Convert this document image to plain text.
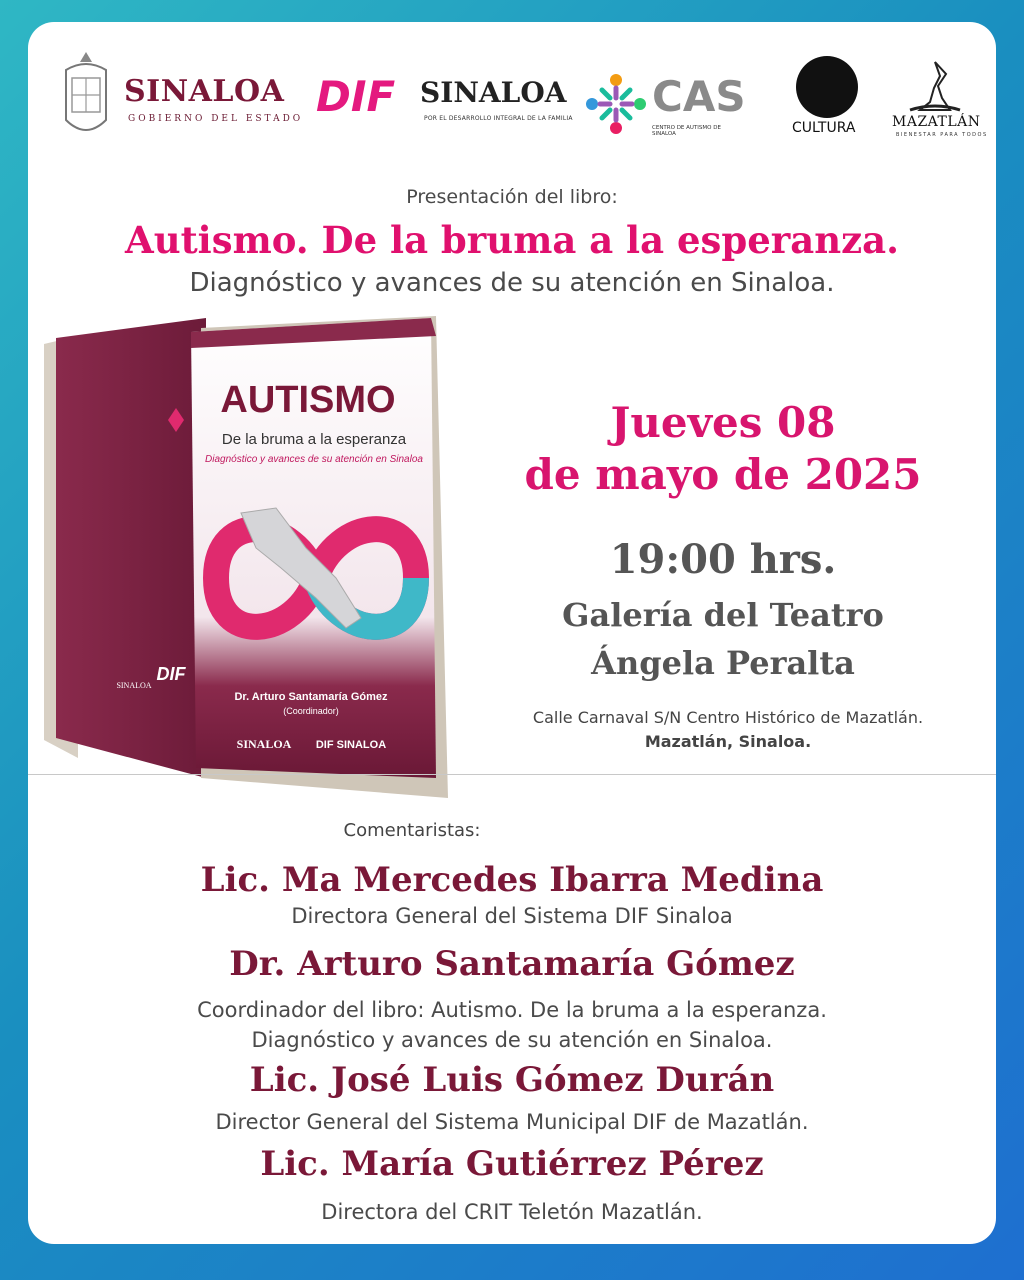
SINALOA
GOBIERNO DEL ESTADO DIF SINALOA
POR EL DESARROLLO INTEGRAL DE LA FAMILIA CAS
CENTRO DE AUTISMO DE SINALOA	CULTURA	MAZATLÁN
BIENESTAR PARA TODOS
Presentación del libro:
Autismo. De la bruma a la esperanza.
Diagnóstico y avances de su atención en Sinaloa.
AUTISMO
De la bruma a la esperanza
Diagnóstico y avances de su atención en Sinaloa
Dr. Arturo Santamaría Gómez
(Coordinador)
SINALOA DIF SINALOA
DIF
SINALOA
Jueves 08
de mayo de 2025
19:00 hrs.
Galería del Teatro
Ángela Peralta
Calle Carnaval S/N Centro Histórico de Mazatlán.
Mazatlán, Sinaloa.
Comentaristas:
Lic. Ma Mercedes Ibarra Medina
Directora General del Sistema DIF Sinaloa
Dr. Arturo Santamaría Gómez
Coordinador del libro: Autismo. De la bruma a la esperanza.
Diagnóstico y avances de su atención en Sinaloa.
Lic. José Luis Gómez Durán
Director General del Sistema Municipal DIF de Mazatlán.
Lic. María Gutiérrez Pérez
Directora del CRIT Teletón Mazatlán.
